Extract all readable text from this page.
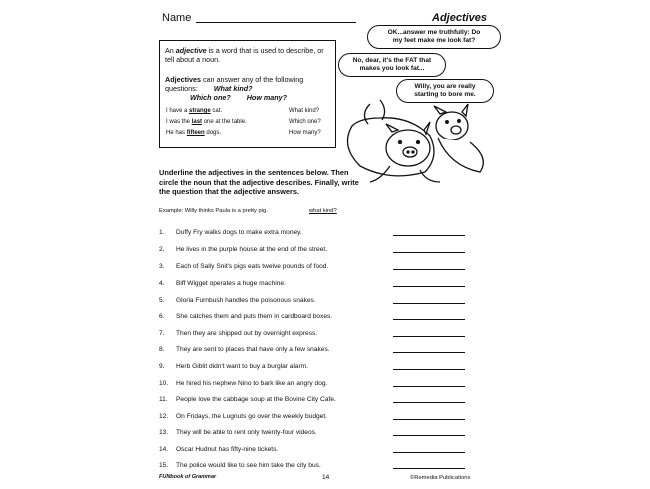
Name	Adjectives
An adjective is a word that is used to describe, or tell about a noun.
Adjectives can answer any of the following questions: What kind?
Which one? How many?
I have a strange cat.	What kind?
I was the last one at the table.	Which one?
He has fifteen dogs.	How many?
OK...answer me truthfully: Do
my feet make me look fat?
No, dear, it's the FAT that
makes you look fat...
Willy, you are really
starting to bore me.
Underline the adjectives in the sentences below. Then circle the noun that the adjective describes. Finally, write the question that the adjective answers.
Example: Willy thinks Paula is a pretty pig.	what kind?
1. Duffy Fry walks dogs to make extra money.
2. He lives in the purple house at the end of the street.
3. Each of Sally Snit's pigs eats twelve pounds of food.
4. Biff Wigget operates a huge machine.
5. Gloria Furnbush handles the poisonous snakes.
6. She catches them and puts them in cardboard boxes.
7. Then they are shipped out by overnight express.
8. They are sent to places that have only a few snakes.
9. Herb Giblit didn't want to buy a burglar alarm.
10. He hired his nephew Nino to bark like an angry dog.
11. People love the cabbage soup at the Bovine City Cafe.
12. On Fridays, the Lugnuts go over the weekly budget.
13. They will be able to rent only twenty-four videos.
14. Oscar Hudnut has fifty-nine tickets.
15. The police would like to see him take the city bus.
FUNbook of Grammar	14	©Remedia Publications
